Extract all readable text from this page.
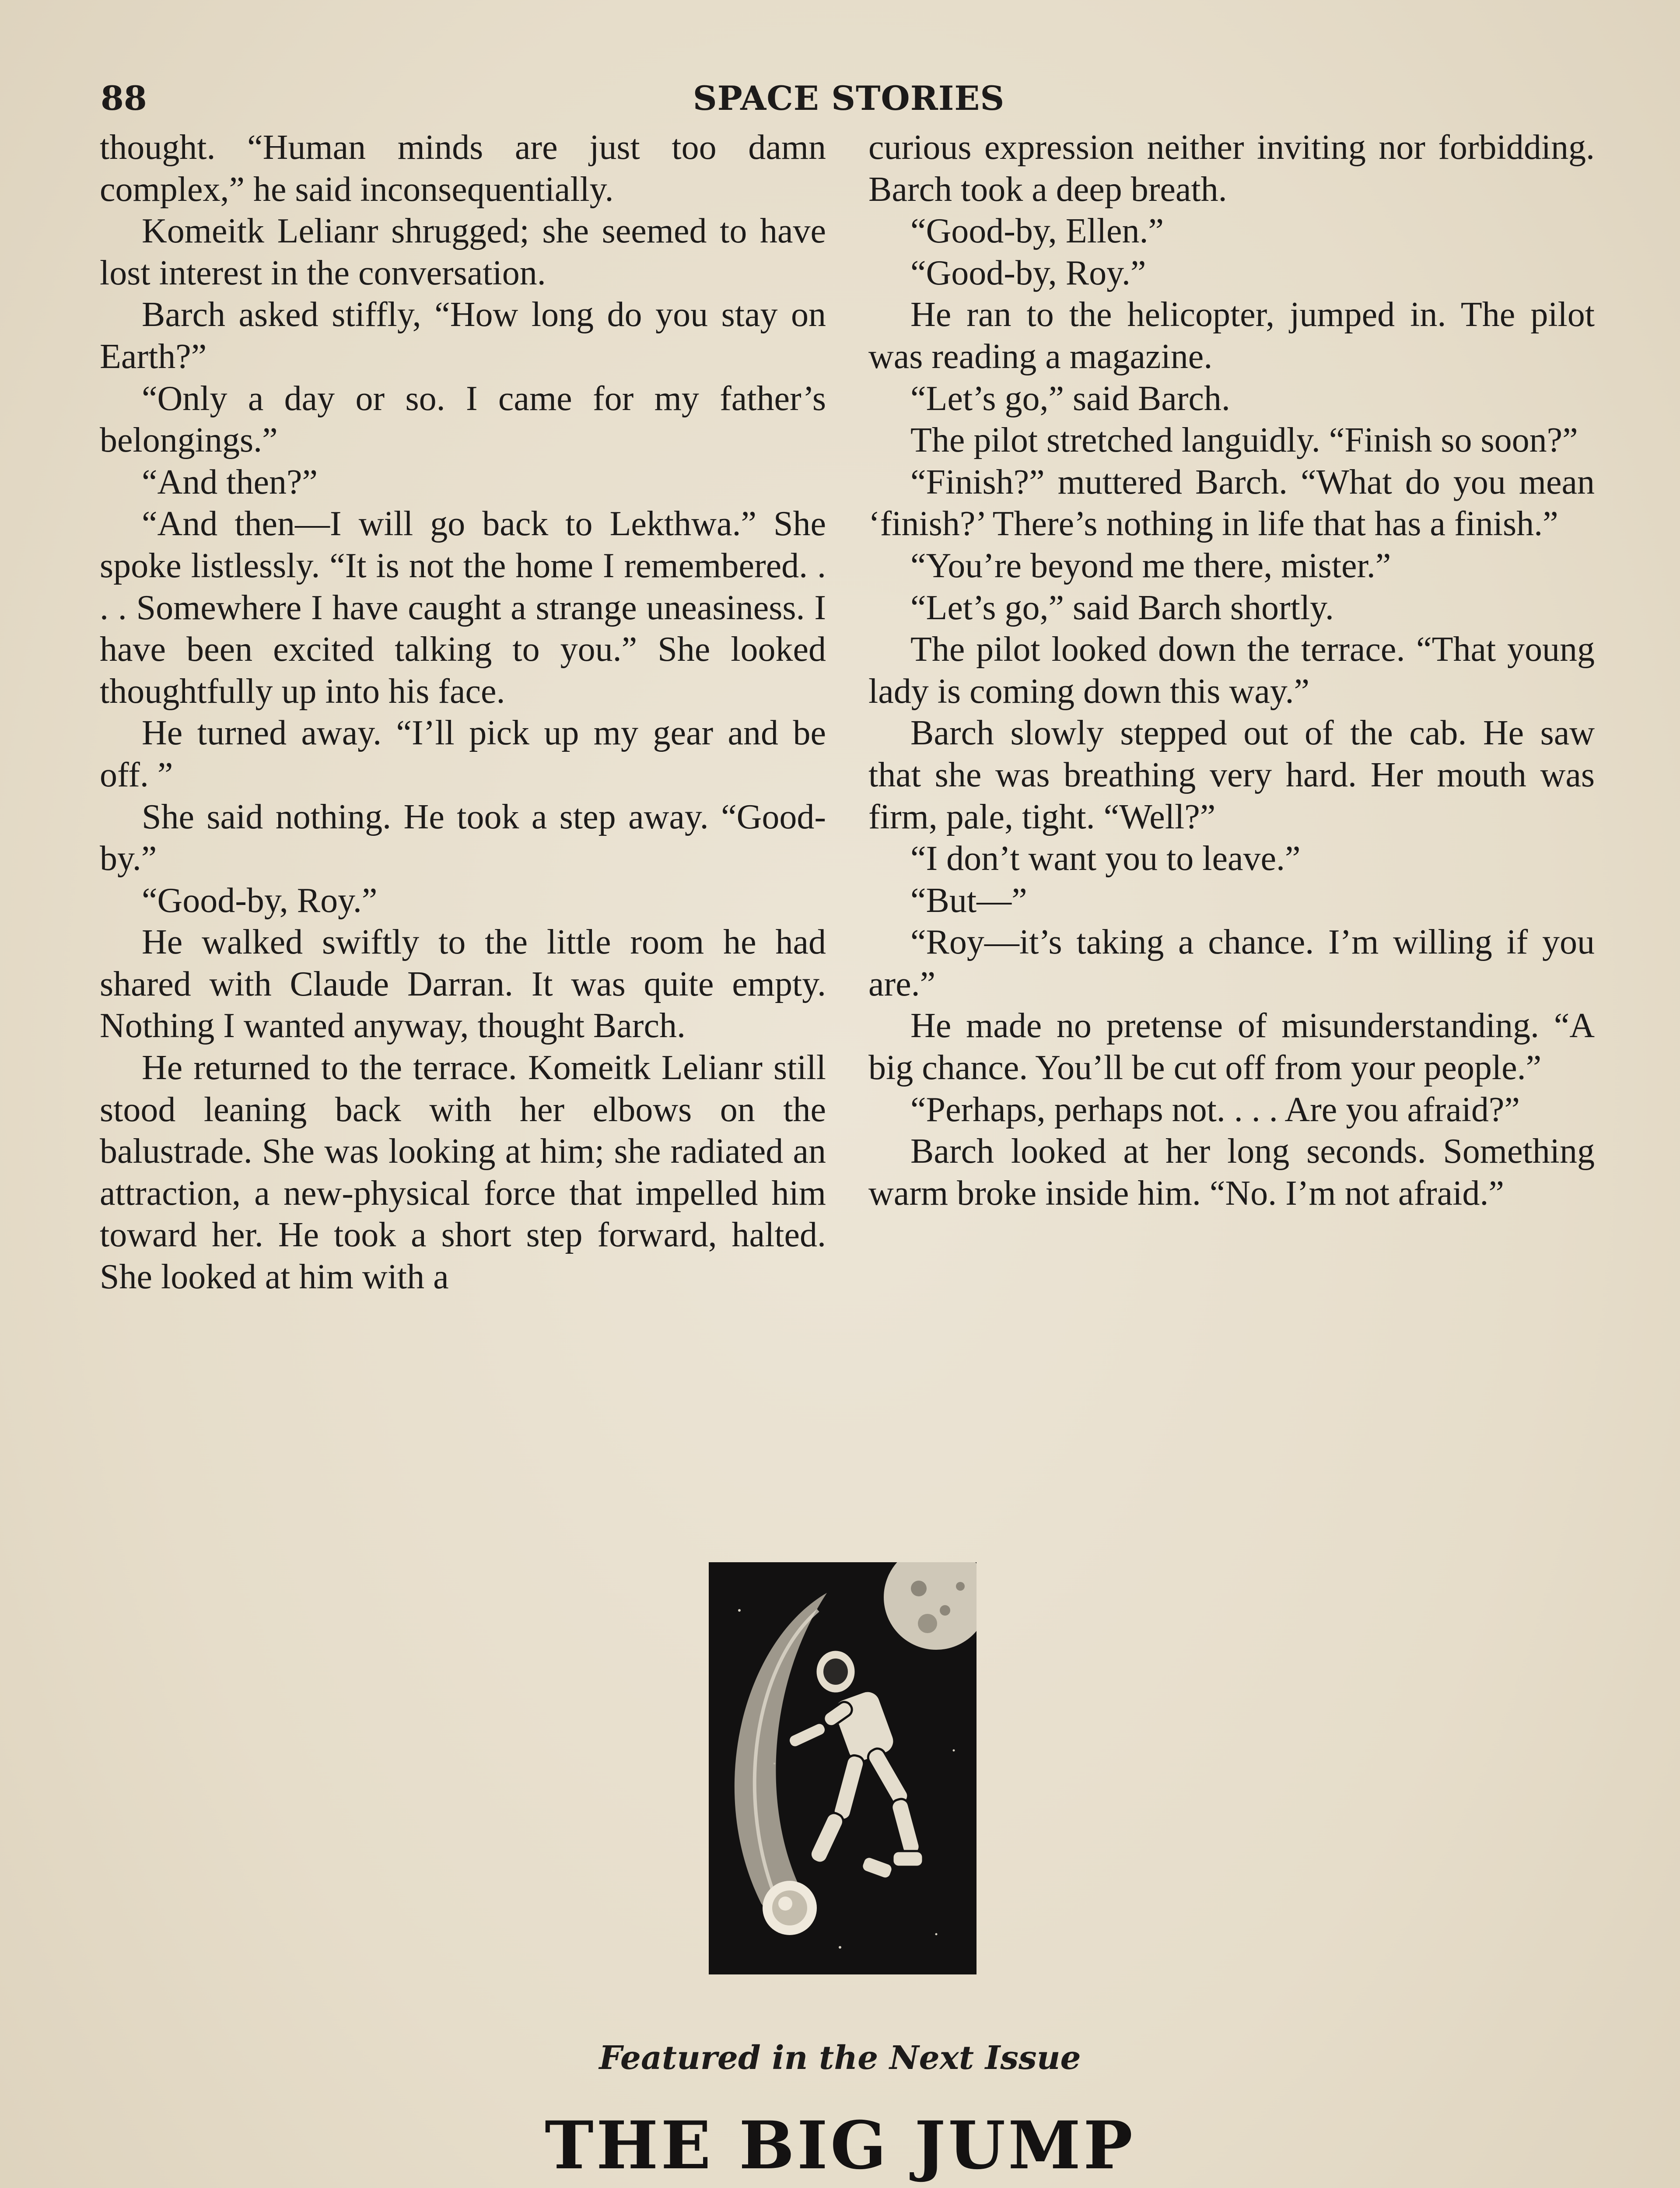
88	SPACE STORIES

thought. “Human minds are just too damn complex,” he said inconsequentially.

Komeitk Lelianr shrugged; she seemed to have lost interest in the conversation.

Barch asked stiffly, “How long do you stay on Earth?”

“Only a day or so. I came for my father’s belongings.”

“And then?”

“And then—I will go back to Lekthwa.” She spoke listlessly. “It is not the home I remembered. . . . Somewhere I have caught a strange uneasiness. I have been excited talking to you.” She looked thoughtfully up into his face.

He turned away. “I’ll pick up my gear and be off. ”

She said nothing. He took a step away. “Good-by.”

“Good-by, Roy.”

He walked swiftly to the little room he had shared with Claude Darran. It was quite empty. Nothing I wanted anyway, thought Barch.

He returned to the terrace. Komeitk Lelianr still stood leaning back with her elbows on the balustrade. She was looking at him; she radiated an attraction, a new-physical force that impelled him toward her. He took a short step forward, halted. She looked at him with a

curious expression neither inviting nor forbidding. Barch took a deep breath.

“Good-by, Ellen.”

“Good-by, Roy.”

He ran to the helicopter, jumped in. The pilot was reading a magazine.

“Let’s go,” said Barch.

The pilot stretched languidly. “Finish so soon?”

“Finish?” muttered Barch. “What do you mean ‘finish?’ There’s nothing in life that has a finish.”

“You’re beyond me there, mister.”

“Let’s go,” said Barch shortly.

The pilot looked down the terrace. “That young lady is coming down this way.”

Barch slowly stepped out of the cab. He saw that she was breathing very hard. Her mouth was firm, pale, tight. “Well?”

“I don’t want you to leave.”

“But—”

“Roy—it’s taking a chance. I’m willing if you are.”

He made no pretense of misunderstanding. “A big chance. You’ll be cut off from your people.”

“Perhaps, perhaps not. . . . Are you afraid?”

Barch looked at her long seconds. Something warm broke inside him. “No. I’m not afraid.”

Featured in the Next Issue
THE BIG JUMP
